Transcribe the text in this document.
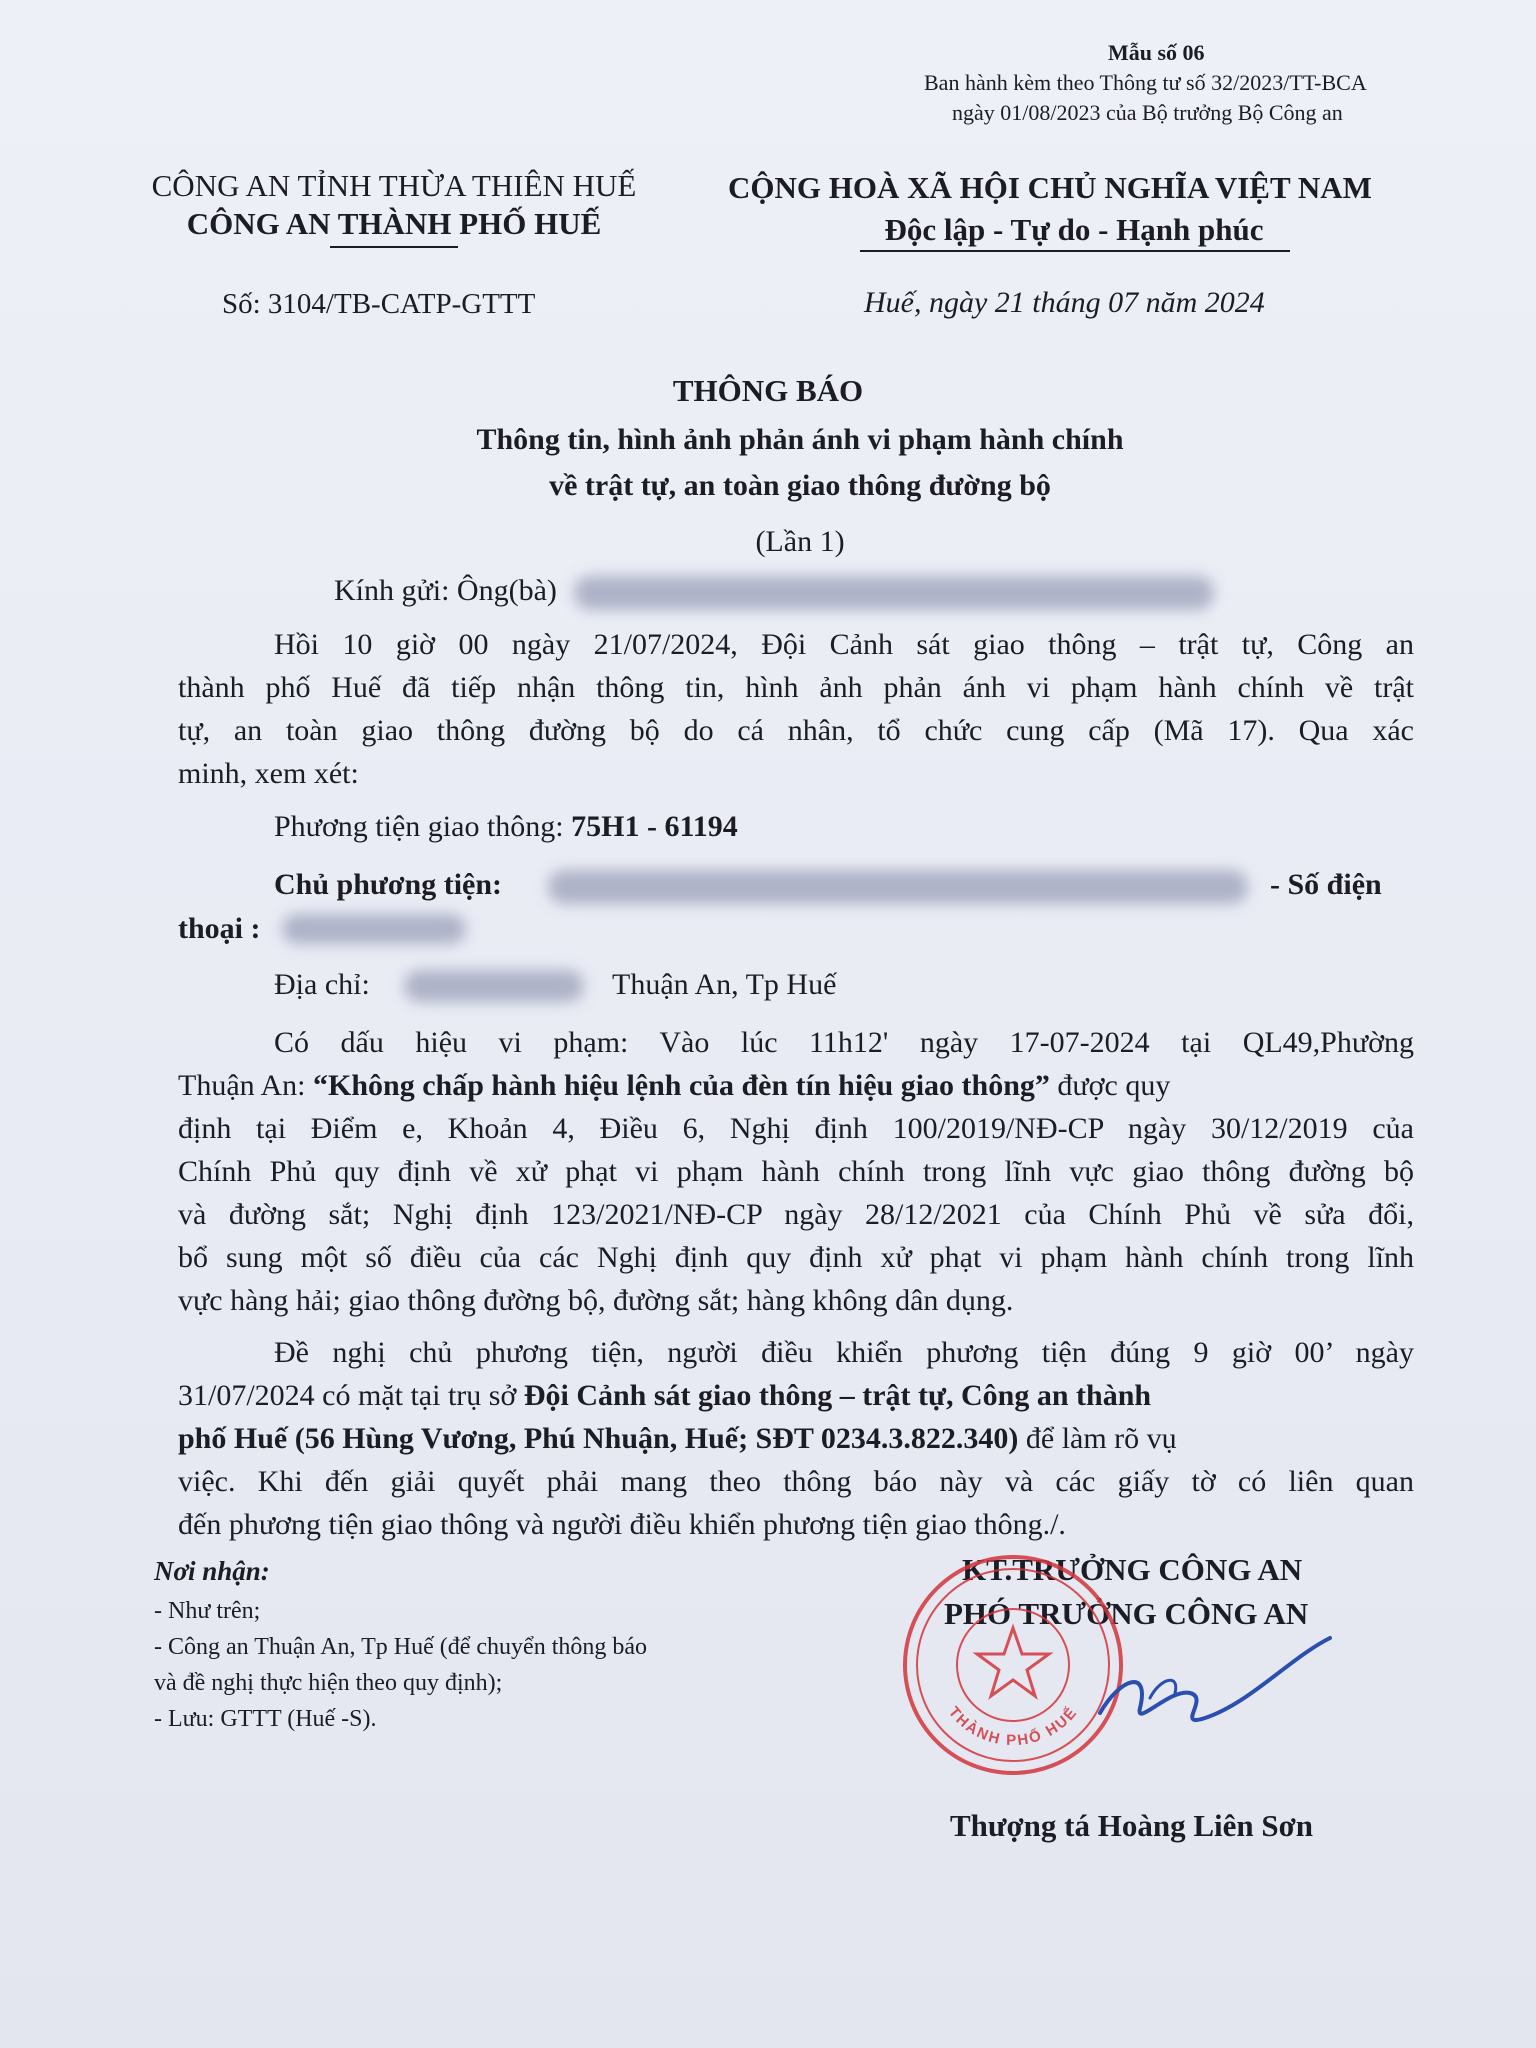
Mẫu số 06
Ban hành kèm theo Thông tư số 32/2023/TT-BCA
ngày 01/08/2023 của Bộ trưởng Bộ Công an
CÔNG AN TỈNH THỪA THIÊN HUẾ
CÔNG AN THÀNH PHỐ HUẾ
Số: 3104/TB-CATP-GTTT
CỘNG HOÀ XÃ HỘI CHỦ NGHĨA VIỆT NAM
Độc lập - Tự do - Hạnh phúc
Huế, ngày 21 tháng 07 năm 2024
THÔNG BÁO
Thông tin, hình ảnh phản ánh vi phạm hành chính
về trật tự, an toàn giao thông đường bộ
(Lần 1)
Kính gửi: Ông(bà)
Hồi 10 giờ 00 ngày 21/07/2024, Đội Cảnh sát giao thông – trật tự, Công an
thành phố Huế đã tiếp nhận thông tin, hình ảnh phản ánh vi phạm hành chính về trật
tự, an toàn giao thông đường bộ do cá nhân, tổ chức cung cấp (Mã 17). Qua xác
minh, xem xét:
Phương tiện giao thông: 75H1 - 61194
Chủ phương tiện:	- Số điện
thoại :
Địa chỉ:	Thuận An, Tp Huế
Có dấu hiệu vi phạm: Vào lúc 11h12' ngày 17-07-2024 tại QL49,Phường
Thuận An: “Không chấp hành hiệu lệnh của đèn tín hiệu giao thông” được quy
định tại Điểm e, Khoản 4, Điều 6, Nghị định 100/2019/NĐ-CP ngày 30/12/2019 của
Chính Phủ quy định về xử phạt vi phạm hành chính trong lĩnh vực giao thông đường bộ
và đường sắt; Nghị định 123/2021/NĐ-CP ngày 28/12/2021 của Chính Phủ về sửa đổi,
bổ sung một số điều của các Nghị định quy định xử phạt vi phạm hành chính trong lĩnh
vực hàng hải; giao thông đường bộ, đường sắt; hàng không dân dụng.
Đề nghị chủ phương tiện, người điều khiển phương tiện đúng 9 giờ 00’ ngày
31/07/2024 có mặt tại trụ sở Đội Cảnh sát giao thông – trật tự, Công an thành
phố Huế (56 Hùng Vương, Phú Nhuận, Huế; SĐT 0234.3.822.340) để làm rõ vụ
việc. Khi đến giải quyết phải mang theo thông báo này và các giấy tờ có liên quan
đến phương tiện giao thông và người điều khiển phương tiện giao thông./.
Nơi nhận:
- Như trên;
- Công an Thuận An, Tp Huế (để chuyển thông báo
và đề nghị thực hiện theo quy định);
- Lưu: GTTT (Huế -S).
KT.TRƯỞNG CÔNG AN
PHÓ TRƯỞNG CÔNG AN
THÀNH PHỐ HUẾ
Thượng tá Hoàng Liên Sơn
